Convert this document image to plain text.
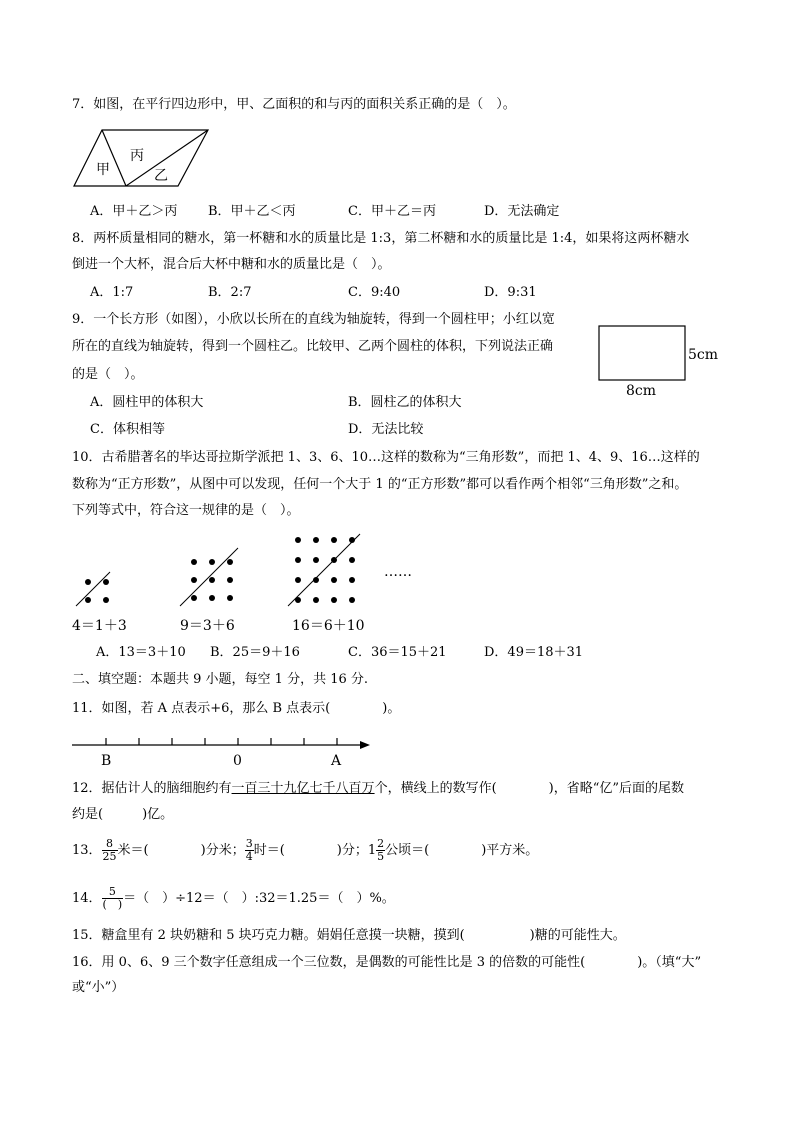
7．如图，在平行四边形中，甲、乙面积的和与丙的面积关系正确的是（　）。
甲
丙
乙
A．甲＋乙＞丙 B．甲＋乙＜丙	C．甲＋乙＝丙	D．无法确定
8．两杯质量相同的糖水，第一杯糖和水的质量比是 1:3，第二杯糖和水的质量比是 1:4，如果将这两杯糖水
倒进一个大杯，混合后大杯中糖和水的质量比是（　）。
A．1:7	B．2:7	C．9:40	D．9:31
9．一个长方形（如图），小欣以长所在的直线为轴旋转，得到一个圆柱甲；小红以宽
所在的直线为轴旋转，得到一个圆柱乙。比较甲、乙两个圆柱的体积，下列说法正确
的是（　）。
5cm
8cm
A．圆柱甲的体积大	B．圆柱乙的体积大
C．体积相等	D．无法比较
10．古希腊著名的毕达哥拉斯学派把 1、3、6、10…这样的数称为“三角形数”，而把 1、4、9、16…这样的
数称为“正方形数”，从图中可以发现，任何一个大于 1 的“正方形数”都可以看作两个相邻“三角形数”之和。
下列等式中，符合这一规律的是（　）。
……
4＝1＋3	9＝3＋6	16＝6＋10
A．13＝3＋10 B．25＝9＋16	C．36＝15＋21	D．49＝18＋31
二、填空题：本题共 9 小题，每空 1 分，共 16 分.
11．如图，若 A 点表示+6，那么 B 点表示(　　　　)。
B	0	A
12．据估计人的脑细胞约有一百三十九亿七千八百万个，横线上的数写作(　　　　)，省略“亿”后面的尾数
约是(　　　)亿。
13． $\frac{8}{25}$ 米＝(　　　　)分米； $\frac{3}{4}$ 时＝(　　　　)分；$1 \frac{2}{5}$ 公顷＝(　　　　)平方米。
14． $\frac{5}{( )}$ ＝（　）÷12＝（　）:32＝1.25＝（　）%。
15．糖盒里有 2 块奶糖和 5 块巧克力糖。娟娟任意摸一块糖，摸到(　　　　　)糖的可能性大。
16．用 0、6、9 三个数字任意组成一个三位数，是偶数的可能性比是 3 的倍数的可能性(　　　　)。（填“大”
或“小”）
